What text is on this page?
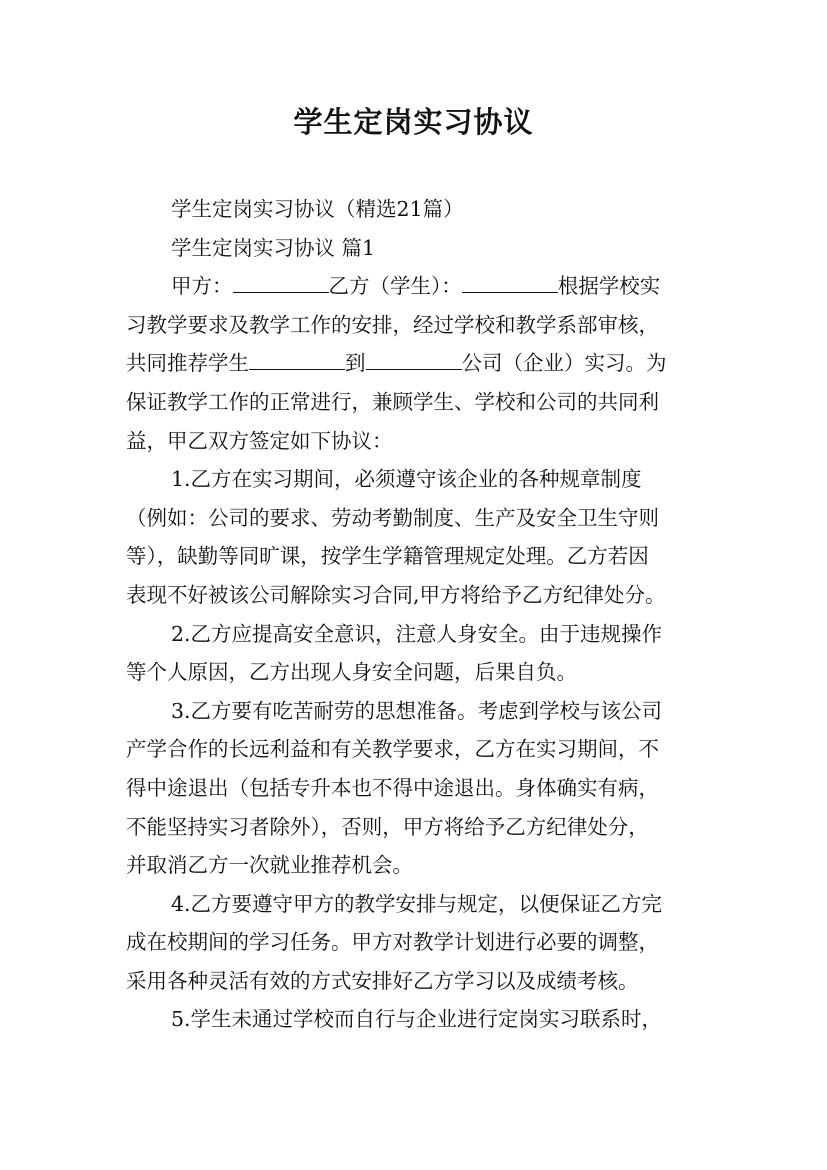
学生定岗实习协议
学生定岗实习协议（精选21篇）
学生定岗实习协议 篇1
甲方：	乙方（学生）：	根据学校实
习教学要求及教学工作的安排，经过学校和教学系部审核，
共同推荐学生	到	公司（企业）实习。为
保证教学工作的正常进行，兼顾学生、学校和公司的共同利
益，甲乙双方签定如下协议：
1.乙方在实习期间，必须遵守该企业的各种规章制度
（例如：公司的要求、劳动考勤制度、生产及安全卫生守则
等），缺勤等同旷课，按学生学籍管理规定处理。乙方若因
表现不好被该公司解除实习合同,甲方将给予乙方纪律处分。
2.乙方应提高安全意识，注意人身安全。由于违规操作
等个人原因，乙方出现人身安全问题，后果自负。
3.乙方要有吃苦耐劳的思想准备。考虑到学校与该公司
产学合作的长远利益和有关教学要求，乙方在实习期间，不
得中途退出（包括专升本也不得中途退出。身体确实有病，
不能坚持实习者除外），否则，甲方将给予乙方纪律处分，
并取消乙方一次就业推荐机会。
4.乙方要遵守甲方的教学安排与规定，以便保证乙方完
成在校期间的学习任务。甲方对教学计划进行必要的调整，
采用各种灵活有效的方式安排好乙方学习以及成绩考核。
5.学生未通过学校而自行与企业进行定岗实习联系时，
